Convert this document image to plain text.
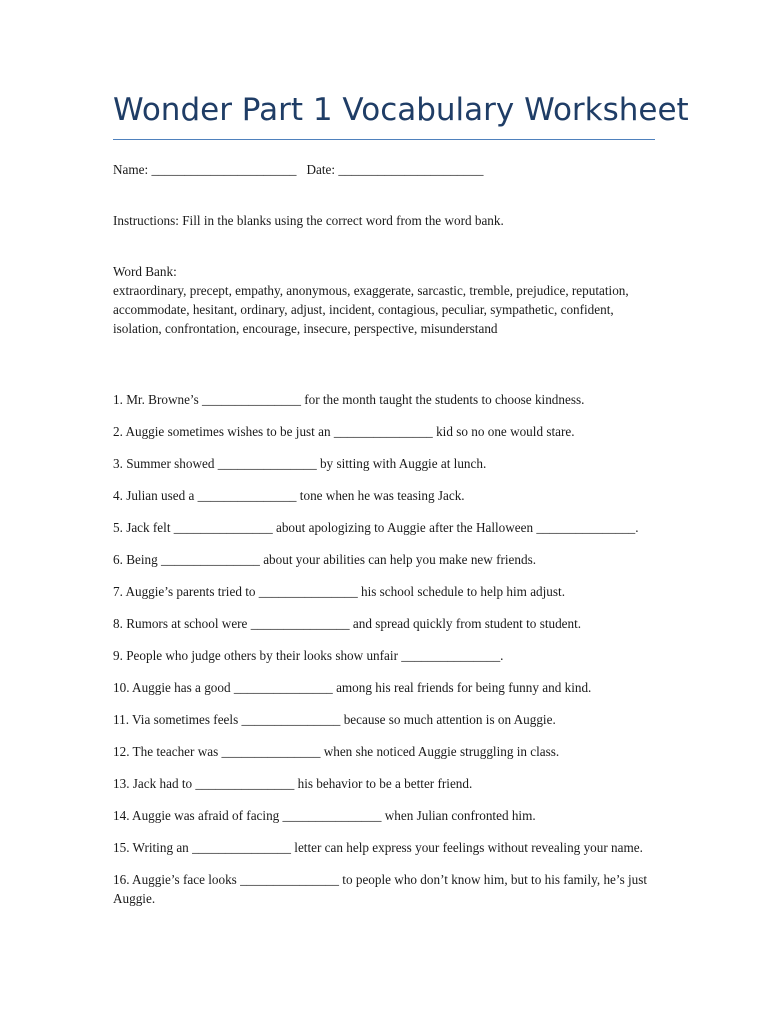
Wonder Part 1 Vocabulary Worksheet

Name: ______________________ Date: ______________________

Instructions: Fill in the blanks using the correct word from the word bank.

Word Bank:
extraordinary, precept, empathy, anonymous, exaggerate, sarcastic, tremble, prejudice, reputation, accommodate, hesitant, ordinary, adjust, incident, contagious, peculiar, sympathetic, confident, isolation, confrontation, encourage, insecure, perspective, misunderstand
1. Mr. Browne’s _______________ for the month taught the students to choose kindness.
2. Auggie sometimes wishes to be just an _______________ kid so no one would stare.
3. Summer showed _______________ by sitting with Auggie at lunch.
4. Julian used a _______________ tone when he was teasing Jack.
5. Jack felt _______________ about apologizing to Auggie after the Halloween _______________.
6. Being _______________ about your abilities can help you make new friends.
7. Auggie’s parents tried to _______________ his school schedule to help him adjust.
8. Rumors at school were _______________ and spread quickly from student to student.
9. People who judge others by their looks show unfair _______________.
10. Auggie has a good _______________ among his real friends for being funny and kind.
11. Via sometimes feels _______________ because so much attention is on Auggie.
12. The teacher was _______________ when she noticed Auggie struggling in class.
13. Jack had to _______________ his behavior to be a better friend.
14. Auggie was afraid of facing _______________ when Julian confronted him.
15. Writing an _______________ letter can help express your feelings without revealing your name.
16. Auggie’s face looks _______________ to people who don’t know him, but to his family, he’s just Auggie.
